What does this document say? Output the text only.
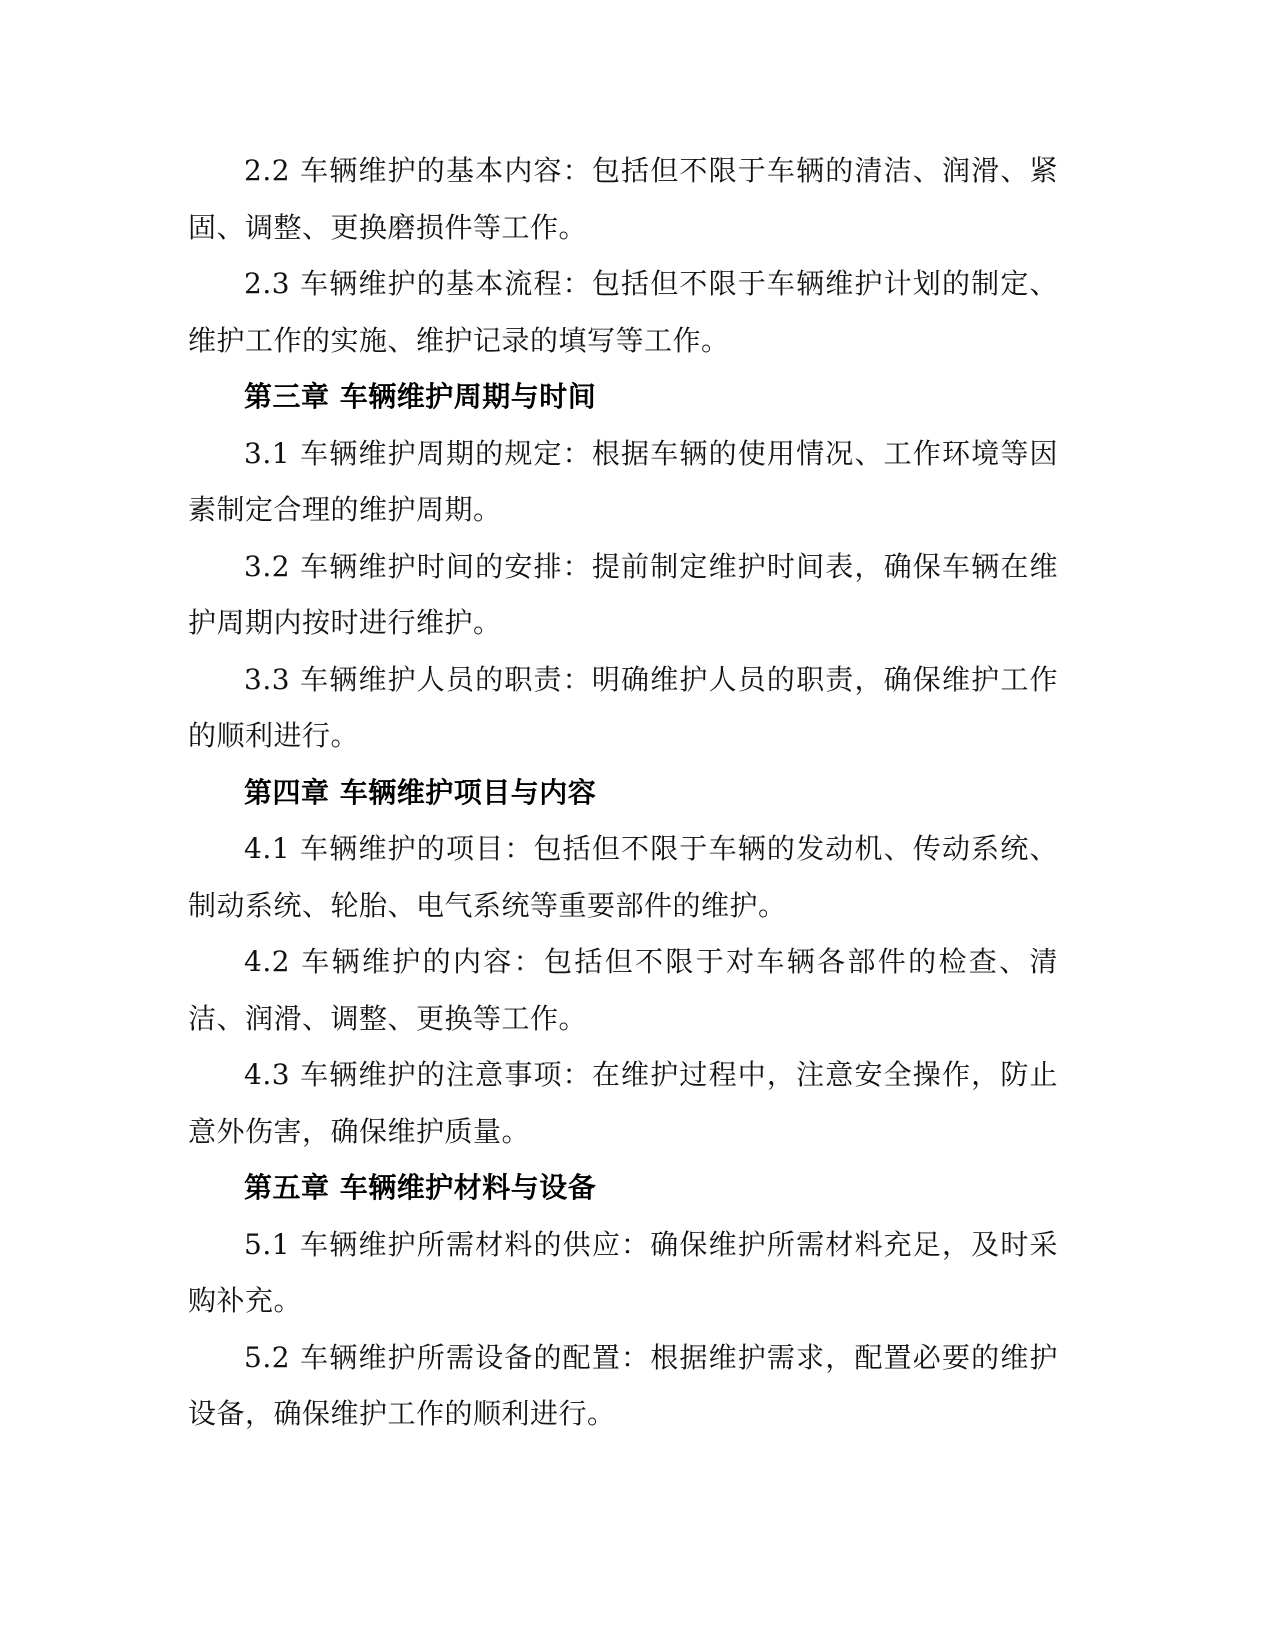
2.2 车辆维护的基本内容：包括但不限于车辆的清洁、润滑、紧固、调整、更换磨损件等工作。

2.3 车辆维护的基本流程：包括但不限于车辆维护计划的制定、维护工作的实施、维护记录的填写等工作。

第三章 车辆维护周期与时间

3.1 车辆维护周期的规定：根据车辆的使用情况、工作环境等因素制定合理的维护周期。

3.2 车辆维护时间的安排：提前制定维护时间表，确保车辆在维护周期内按时进行维护。

3.3 车辆维护人员的职责：明确维护人员的职责，确保维护工作的顺利进行。

第四章 车辆维护项目与内容

4.1 车辆维护的项目：包括但不限于车辆的发动机、传动系统、制动系统、轮胎、电气系统等重要部件的维护。

4.2 车辆维护的内容：包括但不限于对车辆各部件的检查、清洁、润滑、调整、更换等工作。

4.3 车辆维护的注意事项：在维护过程中，注意安全操作，防止意外伤害，确保维护质量。

第五章 车辆维护材料与设备

5.1 车辆维护所需材料的供应：确保维护所需材料充足，及时采购补充。

5.2 车辆维护所需设备的配置：根据维护需求，配置必要的维护设备，确保维护工作的顺利进行。
